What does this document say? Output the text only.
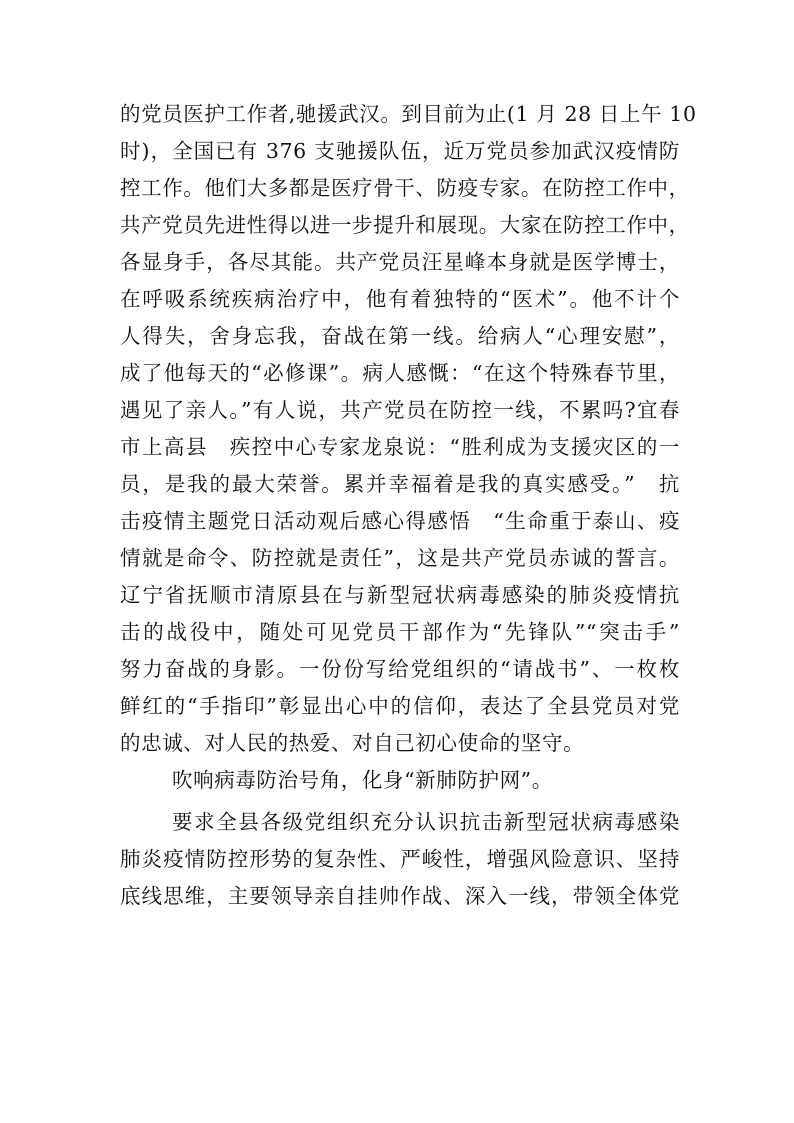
的党员医护工作者,驰援武汉。到目前为止(1 月 28 日上午 10
时)，全国已有 376 支驰援队伍，近万党员参加武汉疫情防
控工作。他们大多都是医疗骨干、防疫专家。在防控工作中，
共产党员先进性得以进一步提升和展现。大家在防控工作中，
各显身手，各尽其能。共产党员汪星峰本身就是医学博士，
在呼吸系统疾病治疗中，他有着独特的“医术”。他不计个
人得失，舍身忘我，奋战在第一线。给病人“心理安慰”，
成了他每天的“必修课”。病人感慨：“在这个特殊春节里，
遇见了亲人。”有人说，共产党员在防控一线，不累吗?宜春
市上高县　疾控中心专家龙泉说：“胜利成为支援灾区的一
员，是我的最大荣誉。累并幸福着是我的真实感受。”　抗
击疫情主题党日活动观后感心得感悟　“生命重于泰山、疫
情就是命令、防控就是责任”，这是共产党员赤诚的誓言。
辽宁省抚顺市清原县在与新型冠状病毒感染的肺炎疫情抗
击的战役中，随处可见党员干部作为“先锋队”“突击手”
努力奋战的身影。一份份写给党组织的“请战书”、一枚枚
鲜红的“手指印”彰显出心中的信仰，表达了全县党员对党
的忠诚、对人民的热爱、对自己初心使命的坚守。
吹响病毒防治号角，化身“新肺防护网”。
要求全县各级党组织充分认识抗击新型冠状病毒感染
肺炎疫情防控形势的复杂性、严峻性，增强风险意识、坚持
底线思维，主要领导亲自挂帅作战、深入一线，带领全体党
